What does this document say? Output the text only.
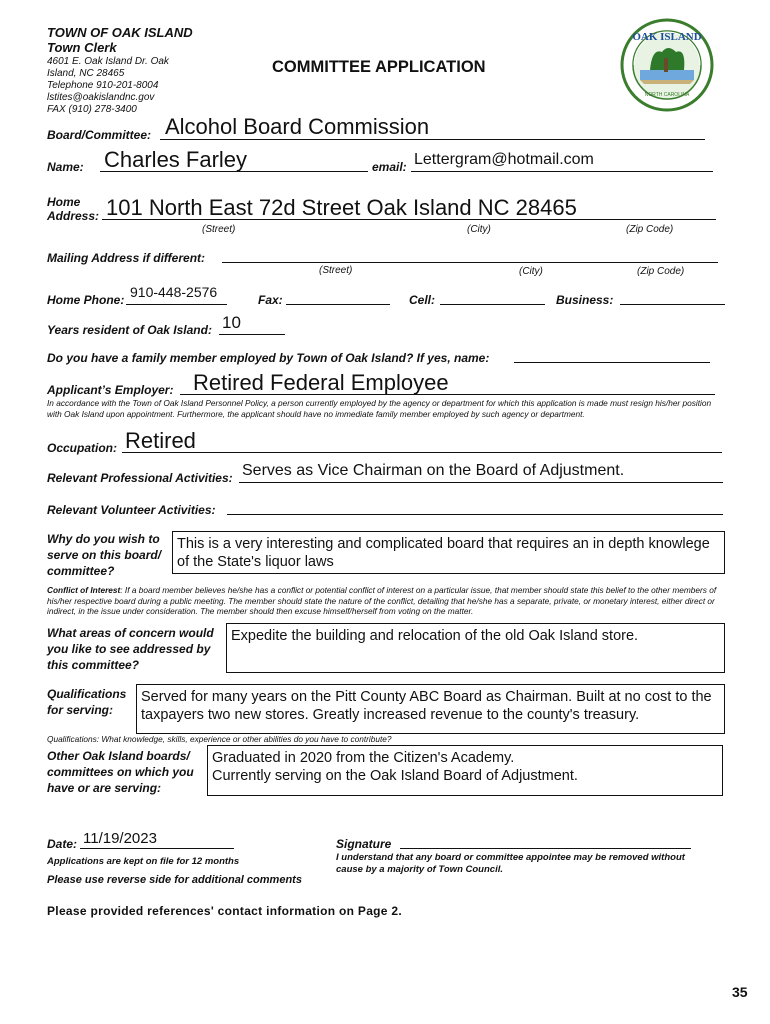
TOWN OF OAK ISLAND
Town Clerk
4601 E. Oak Island Dr. Oak
Island, NC 28465
Telephone 910-201-8004
lstites@oakislandnc.gov
FAX (910) 278-3400
COMMITTEE APPLICATION
OAK ISLAND
NORTH CAROLINA
Board/Committee: Alcohol Board Commission
Name: Charles Farley	email: Lettergram@hotmail.com
Home
Address: 101 North East 72d Street Oak Island NC 28465
(Street)	(City)	(Zip Code)
Mailing Address if different:
(Street)	(City)	(Zip Code)
Home Phone: 910-448-2576	Fax:	Cell:	Business:
Years resident of Oak Island: 10
Do you have a family member employed by Town of Oak Island? If yes, name:
Applicant’s Employer: Retired Federal Employee
In accordance with the Town of Oak Island Personnel Policy, a person currently employed by the agency or department for which this application is made must resign his/her position with Oak Island upon appointment. Furthermore, the applicant should have no immediate family member employed by such agency or department.
Occupation: Retired
Relevant Professional Activities: Serves as Vice Chairman on the Board of Adjustment.
Relevant Volunteer Activities:
Why do you wish to serve on this board/ committee?
This is a very interesting and complicated board that requires an in depth knowlege of the State's liquor laws
Conflict of Interest: If a board member believes he/she has a conflict or potential conflict of interest on a particular issue, that member should state this belief to the other members of his/her respective board during a public meeting. The member should state the nature of the conflict, detailing that he/she has a separate, private, or monetary interest, either direct or indirect, in the issue under consideration. The member should then excuse himself/herself from voting on the matter.
What areas of concern would you like to see addressed by this committee?
Expedite the building and relocation of the old Oak Island store.
Qualifications for serving:
Served for many years on the Pitt County ABC Board as Chairman. Built at no cost to the taxpayers two new stores. Greatly increased revenue to the county's treasury.
Qualifications: What knowledge, skills, experience or other abilities do you have to contribute?
Other Oak Island boards/ committees on which you have or are serving:
Graduated in 2020 from the Citizen's Academy.
Currently serving on the Oak Island Board of Adjustment.
Date: 11/19/2023	Signature
Applications are kept on file for 12 months	I understand that any board or committee appointee may be removed without cause by a majority of Town Council.
Please use reverse side for additional comments
Please provided references' contact information on Page 2.
35
